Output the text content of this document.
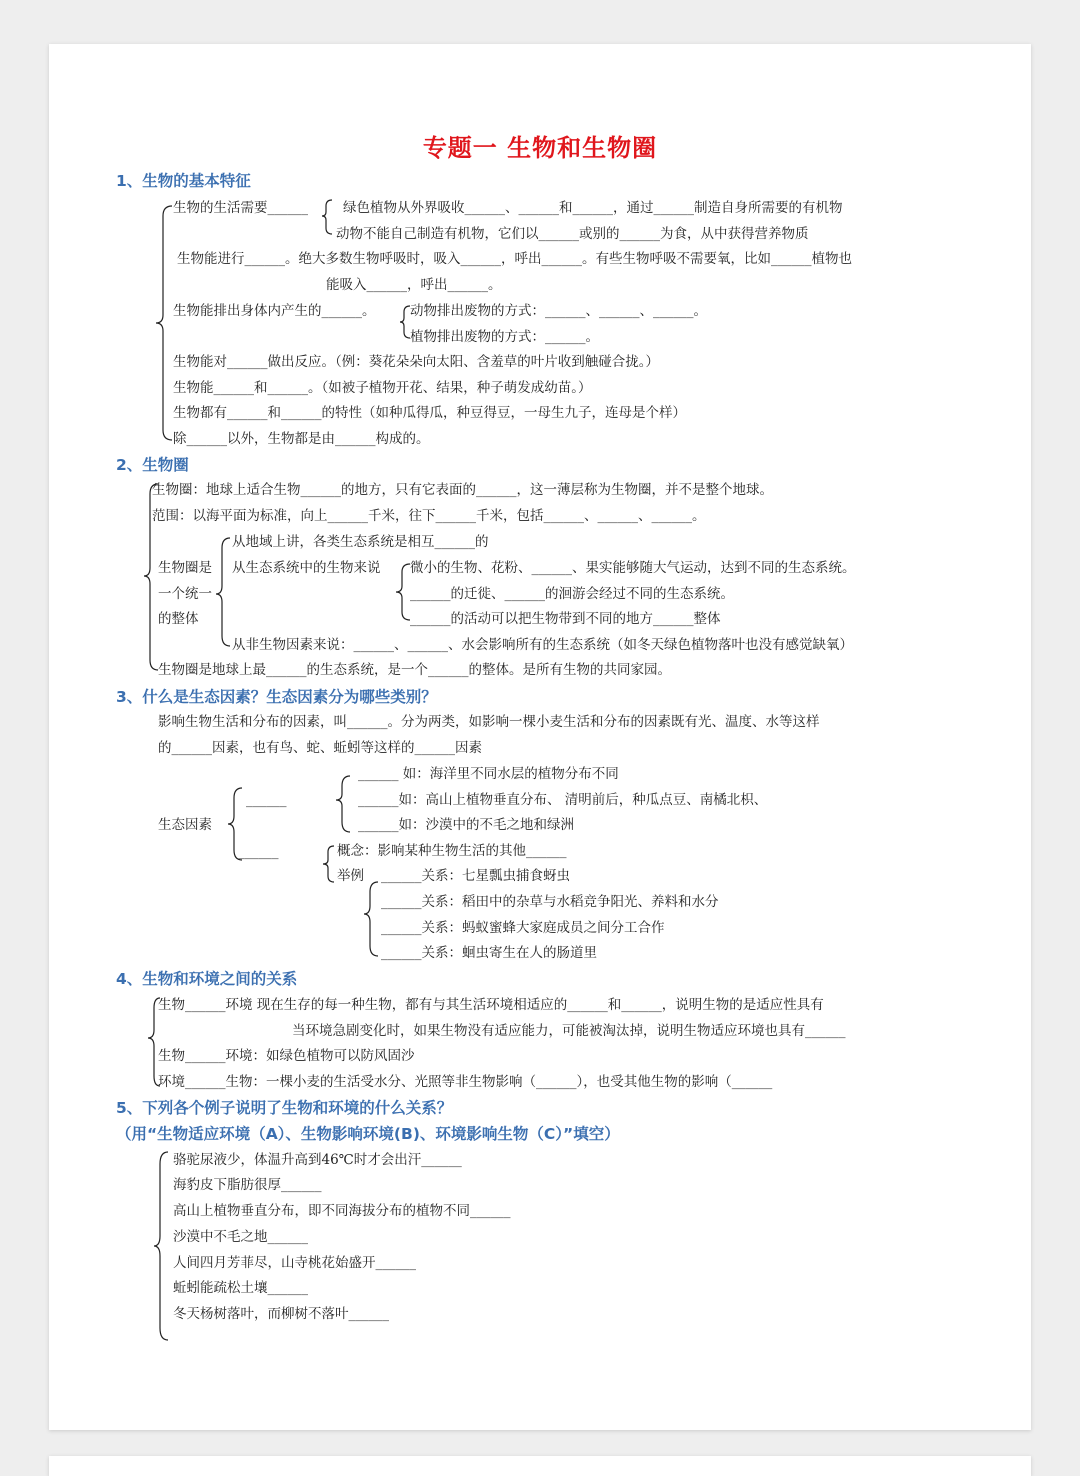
专题一 生物和生物圈
1、生物的基本特征
生物的生活需要______	绿色植物从外界吸收______、______和______，通过______制造自身所需要的有机物
动物不能自己制造有机物，它们以______或别的______为食，从中获得营养物质
生物能进行______。绝大多数生物呼吸时，吸入______，呼出______。有些生物呼吸不需要氧，比如______植物也
能吸入______，呼出______。
生物能排出身体内产生的______。	动物排出废物的方式：______、______、______。
植物排出废物的方式：______。
生物能对______做出反应。（例：葵花朵朵向太阳、含羞草的叶片收到触碰合拢。）
生物能______和______。（如被子植物开花、结果，种子萌发成幼苗。）
生物都有______和______的特性（如种瓜得瓜，种豆得豆，一母生九子，连母是个样）
除______以外，生物都是由______构成的。
2、生物圈
生物圈：地球上适合生物______的地方，只有它表面的______，这一薄层称为生物圈，并不是整个地球。
范围：以海平面为标准，向上______千米，往下______千米，包括______、______、______。
生物圈是
一个统一
的整体
从地域上讲，各类生态系统是相互______的
从生态系统中的生物来说 微小的生物、花粉、______、果实能够随大气运动，达到不同的生态系统。
______的迁徙、______的洄游会经过不同的生态系统。
______的活动可以把生物带到不同的地方______整体
从非生物因素来说：______、______、水会影响所有的生态系统（如冬天绿色植物落叶也没有感觉缺氧）
生物圈是地球上最______的生态系统，是一个______的整体。是所有生物的共同家园。
3、什么是生态因素？生态因素分为哪些类别？
影响生物生活和分布的因素，叫______。分为两类，如影响一棵小麦生活和分布的因素既有光、温度、水等这样
的______因素，也有鸟、蛇、蚯蚓等这样的______因素
生态因素
______
______
______ 如：海洋里不同水层的植物分布不同
______如：高山上植物垂直分布、 清明前后，种瓜点豆、南橘北枳、
______如：沙漠中的不毛之地和绿洲
概念：影响某种生物生活的其他______
举例 ______关系：七星瓢虫捕食蚜虫
______关系：稻田中的杂草与水稻竞争阳光、养料和水分
______关系：蚂蚁蜜蜂大家庭成员之间分工合作
______关系：蛔虫寄生在人的肠道里
4、生物和环境之间的关系
生物______环境 现在生存的每一种生物，都有与其生活环境相适应的______和______，说明生物的是适应性具有
当环境急剧变化时，如果生物没有适应能力，可能被淘汰掉，说明生物适应环境也具有______
生物______环境：如绿色植物可以防风固沙
环境______生物：一棵小麦的生活受水分、光照等非生物影响（______），也受其他生物的影响（______
5、下列各个例子说明了生物和环境的什么关系？
（用“生物适应环境（A）、生物影响环境(B)、环境影响生物（C）”填空）
骆驼尿液少，体温升高到46℃时才会出汗______
海豹皮下脂肪很厚______
高山上植物垂直分布，即不同海拔分布的植物不同______
沙漠中不毛之地______
人间四月芳菲尽，山寺桃花始盛开______
蚯蚓能疏松土壤______
冬天杨树落叶，而柳树不落叶______
